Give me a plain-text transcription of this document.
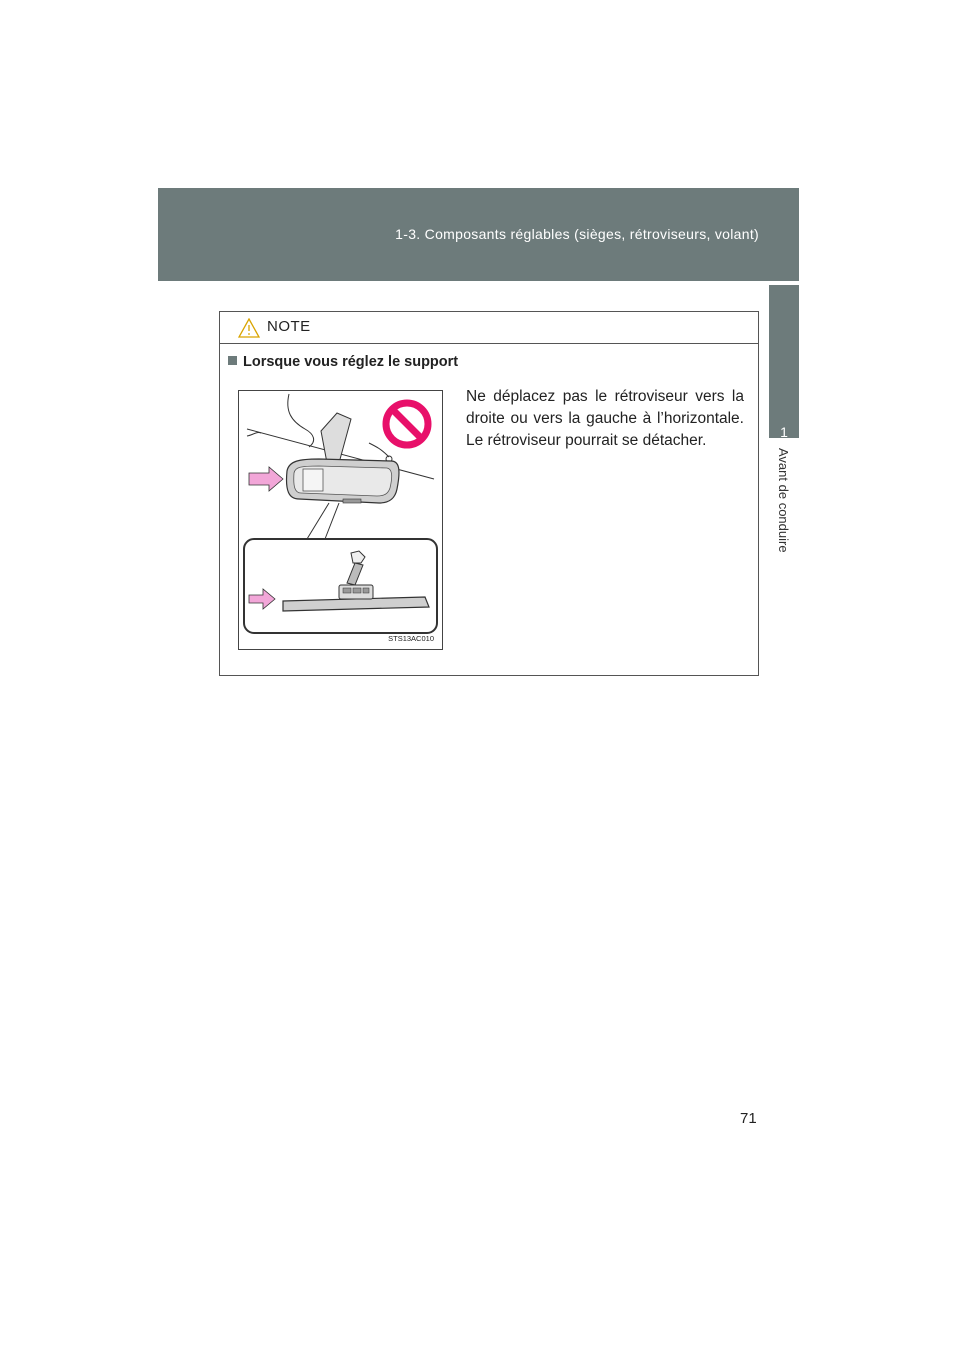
1-3. Composants réglables (sièges, rétroviseurs, volant)
1
Avant de conduire
NOTE
Lorsque vous réglez le support
STS13AC010
Ne déplacez pas le rétroviseur vers la droite ou vers la gauche à l’horizontale. Le rétroviseur pourrait se détacher.
71
